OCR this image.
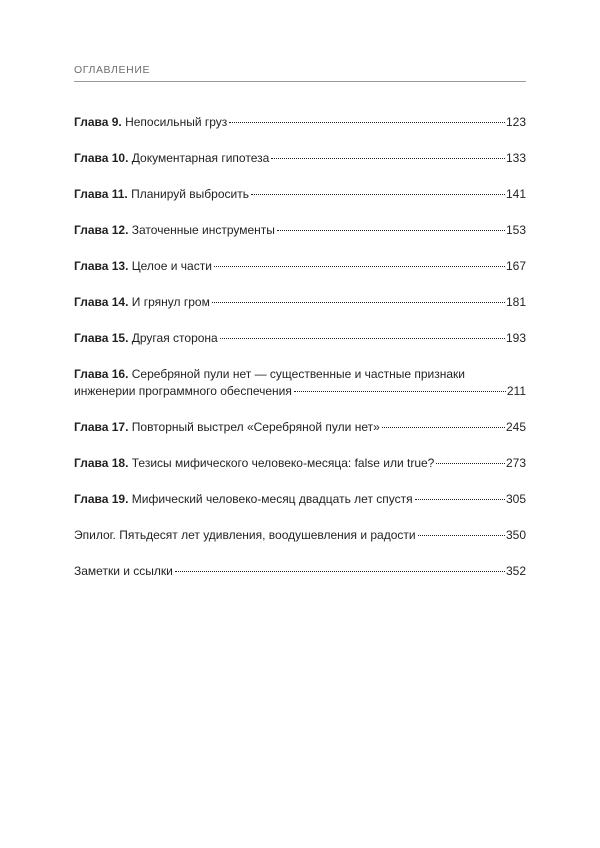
ОГЛАВЛЕНИЕ
Глава 9. Непосильный груз	123
Глава 10. Документарная гипотеза	133
Глава 11. Планируй выбросить	141
Глава 12. Заточенные инструменты	153
Глава 13. Целое и части	167
Глава 14. И грянул гром	181
Глава 15. Другая сторона	193
Глава 16. Серебряной пули нет — существенные и частные признаки
инженерии программного обеспечения	211
Глава 17. Повторный выстрел «Серебряной пули нет»	245
Глава 18. Тезисы мифического человеко-месяца: false или true?	273
Глава 19. Мифический человеко-месяц двадцать лет спустя	305
Эпилог. Пятьдесят лет удивления, воодушевления и радости	350
Заметки и ссылки	352
